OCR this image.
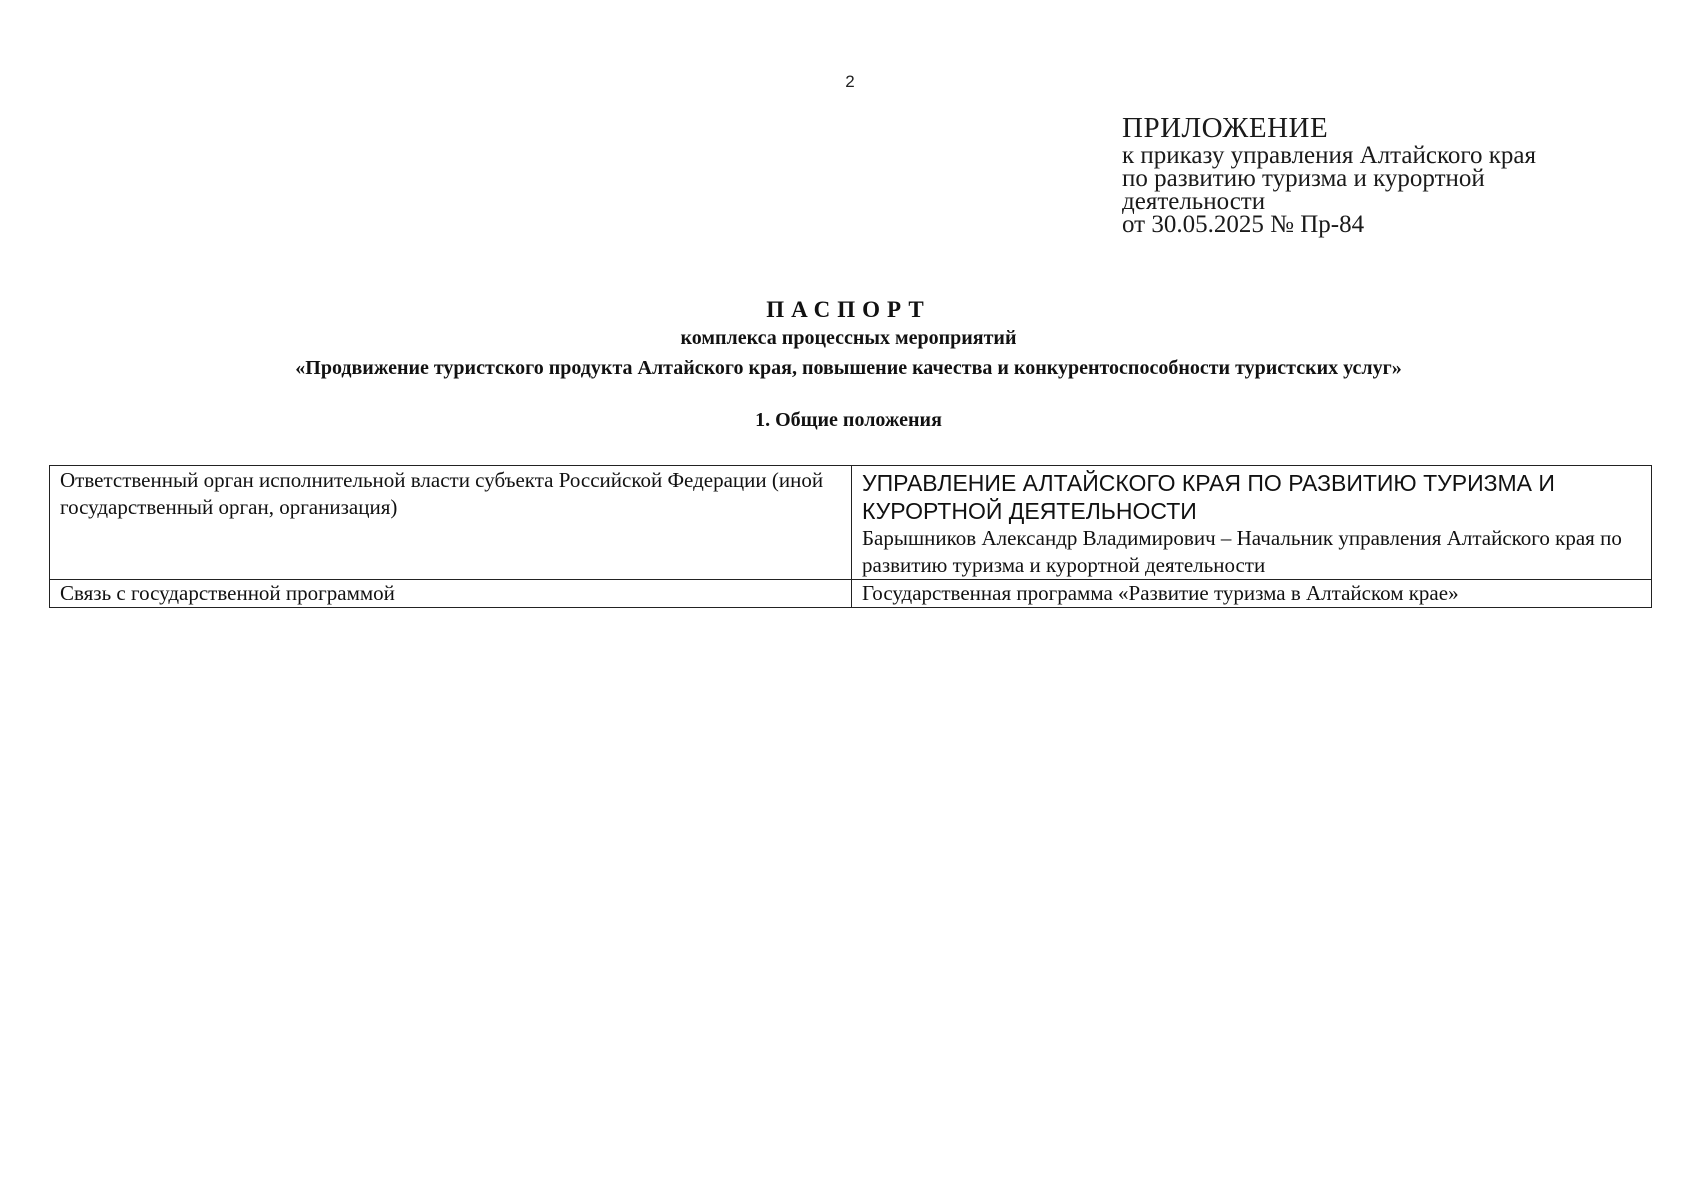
2
ПРИЛОЖЕНИЕ
к приказу управления Алтайского края
по развитию туризма и курортной
деятельности
от 30.05.2025 № Пр-84
ПАСПОРТ
комплекса процессных мероприятий
«Продвижение туристского продукта Алтайского края, повышение качества и конкурентоспособности туристских услуг»
1. Общие положения
Ответственный орган исполнительной власти субъекта Российской Федерации (иной государственный орган, организация)	УПРАВЛЕНИЕ АЛТАЙСКОГО КРАЯ ПО РАЗВИТИЮ ТУРИЗМА И КУРОРТНОЙ ДЕЯТЕЛЬНОСТИ
Барышников Александр Владимирович – Начальник управления Алтайского края по развитию туризма и курортной деятельности

Связь с государственной программой	Государственная программа «Развитие туризма в Алтайском крае»
